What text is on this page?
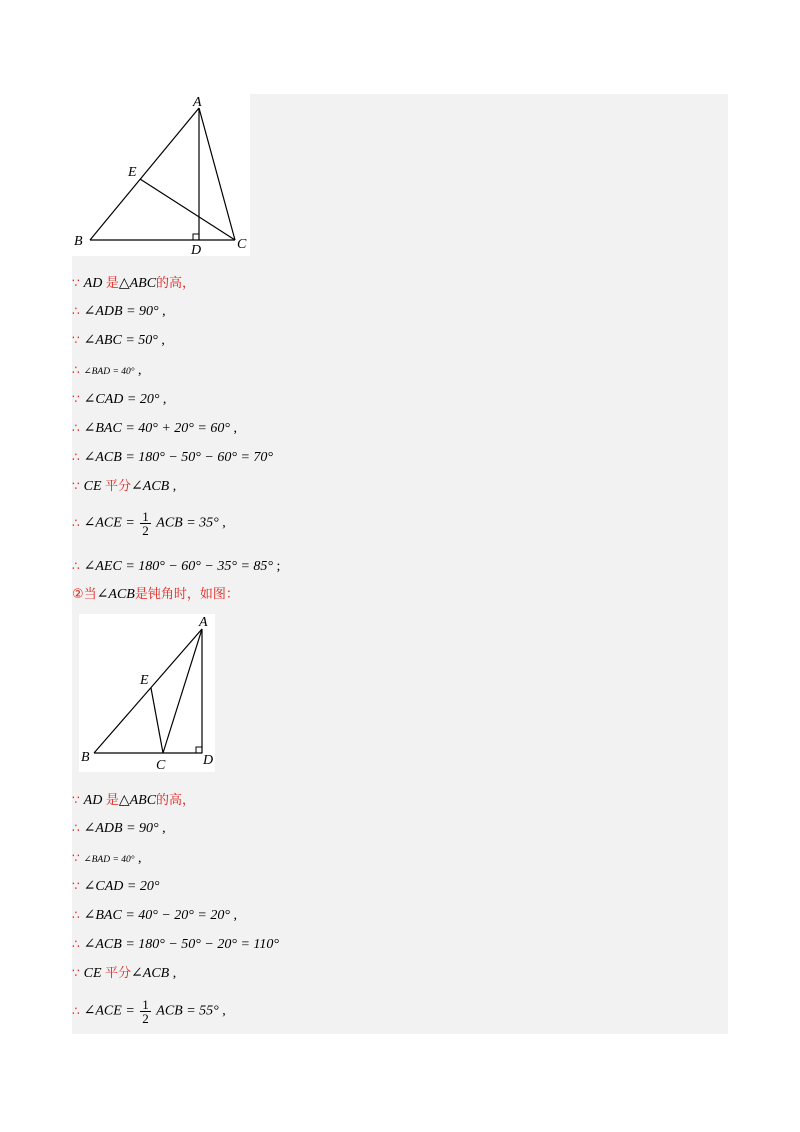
A
B	C
D
E
∵ AD 是△ABC的高，
∴ ∠ADB = 90° ,
∵ ∠ABC = 50° ,
∴ ∠BAD = 40° ,
∵ ∠CAD = 20° ,
∴ ∠BAC = 40° + 20° = 60° ,
∴ ∠ACB = 180° − 50° − 60° = 70°
∵ CE 平分∠ACB ,
∴ ∠ACE = $\frac{1}{2}$ ACB = 35° ,
∴ ∠AEC = 180° − 60° − 35° = 85° ;
②当∠ACB是钝角时，如图：
A
B
C	D
E
∵ AD 是△ABC的高，
∴ ∠ADB = 90° ,
∵ ∠BAD = 40° ,
∵ ∠CAD = 20°
∴ ∠BAC = 40° − 20° = 20° ,
∴ ∠ACB = 180° − 50° − 20° = 110°
∵ CE 平分∠ACB ,
∴ ∠ACE = $\frac{1}{2}$ ACB = 55° ,
